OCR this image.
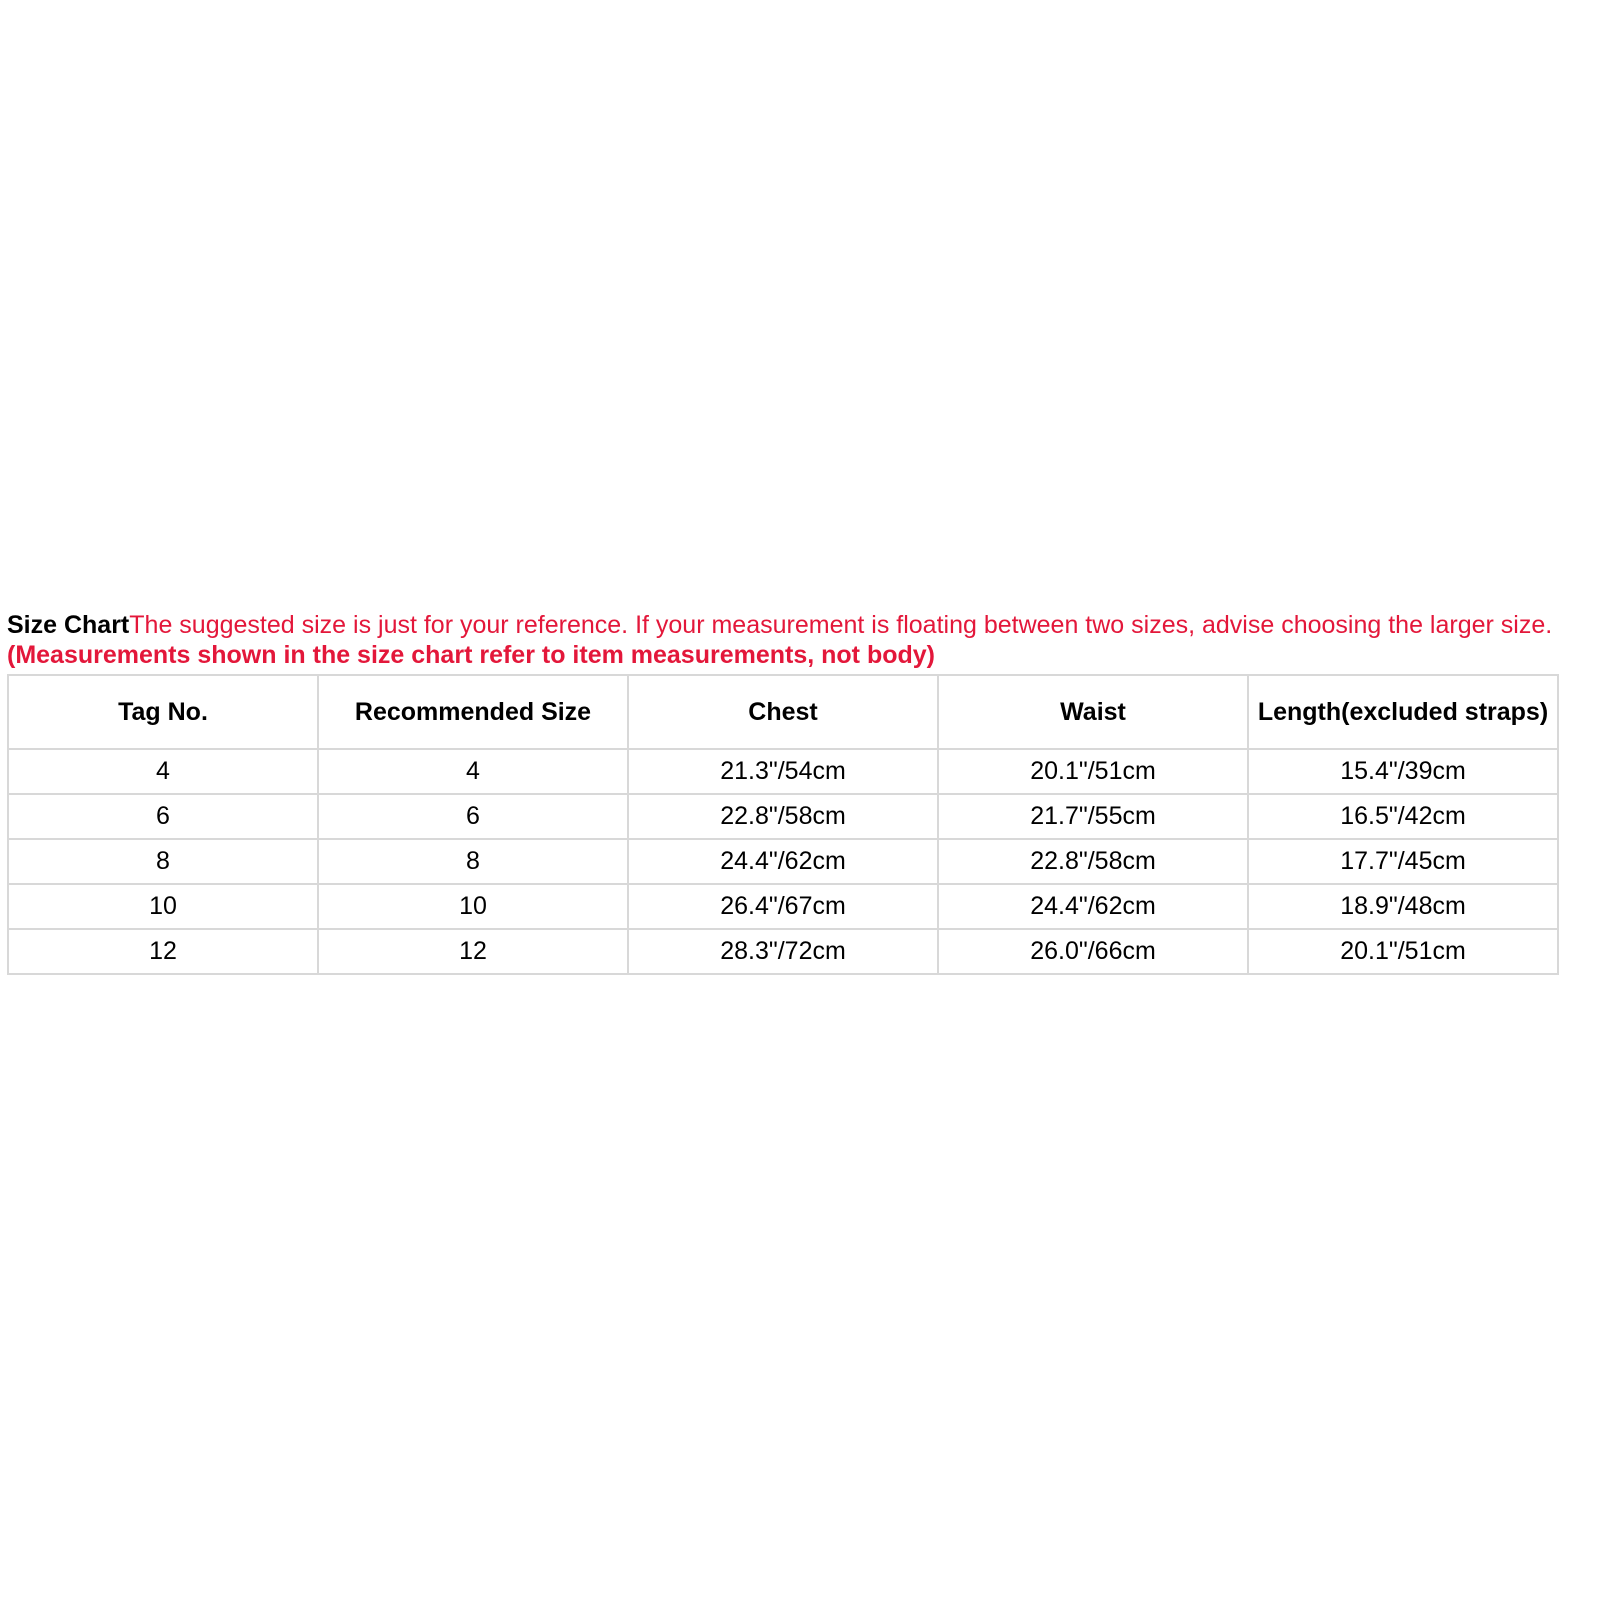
Size ChartThe suggested size is just for your reference. If your measurement is floating between two sizes, advise choosing the larger size. (Measurements shown in the size chart refer to item measurements, not body)

Tag No.	Recommended Size	Chest	Waist	Length(excluded straps)
4	4	21.3"/54cm	20.1"/51cm	15.4"/39cm
6	6	22.8"/58cm	21.7"/55cm	16.5"/42cm
8	8	24.4"/62cm	22.8"/58cm	17.7"/45cm
10	10	26.4"/67cm	24.4"/62cm	18.9"/48cm
12	12	28.3"/72cm	26.0"/66cm	20.1"/51cm
